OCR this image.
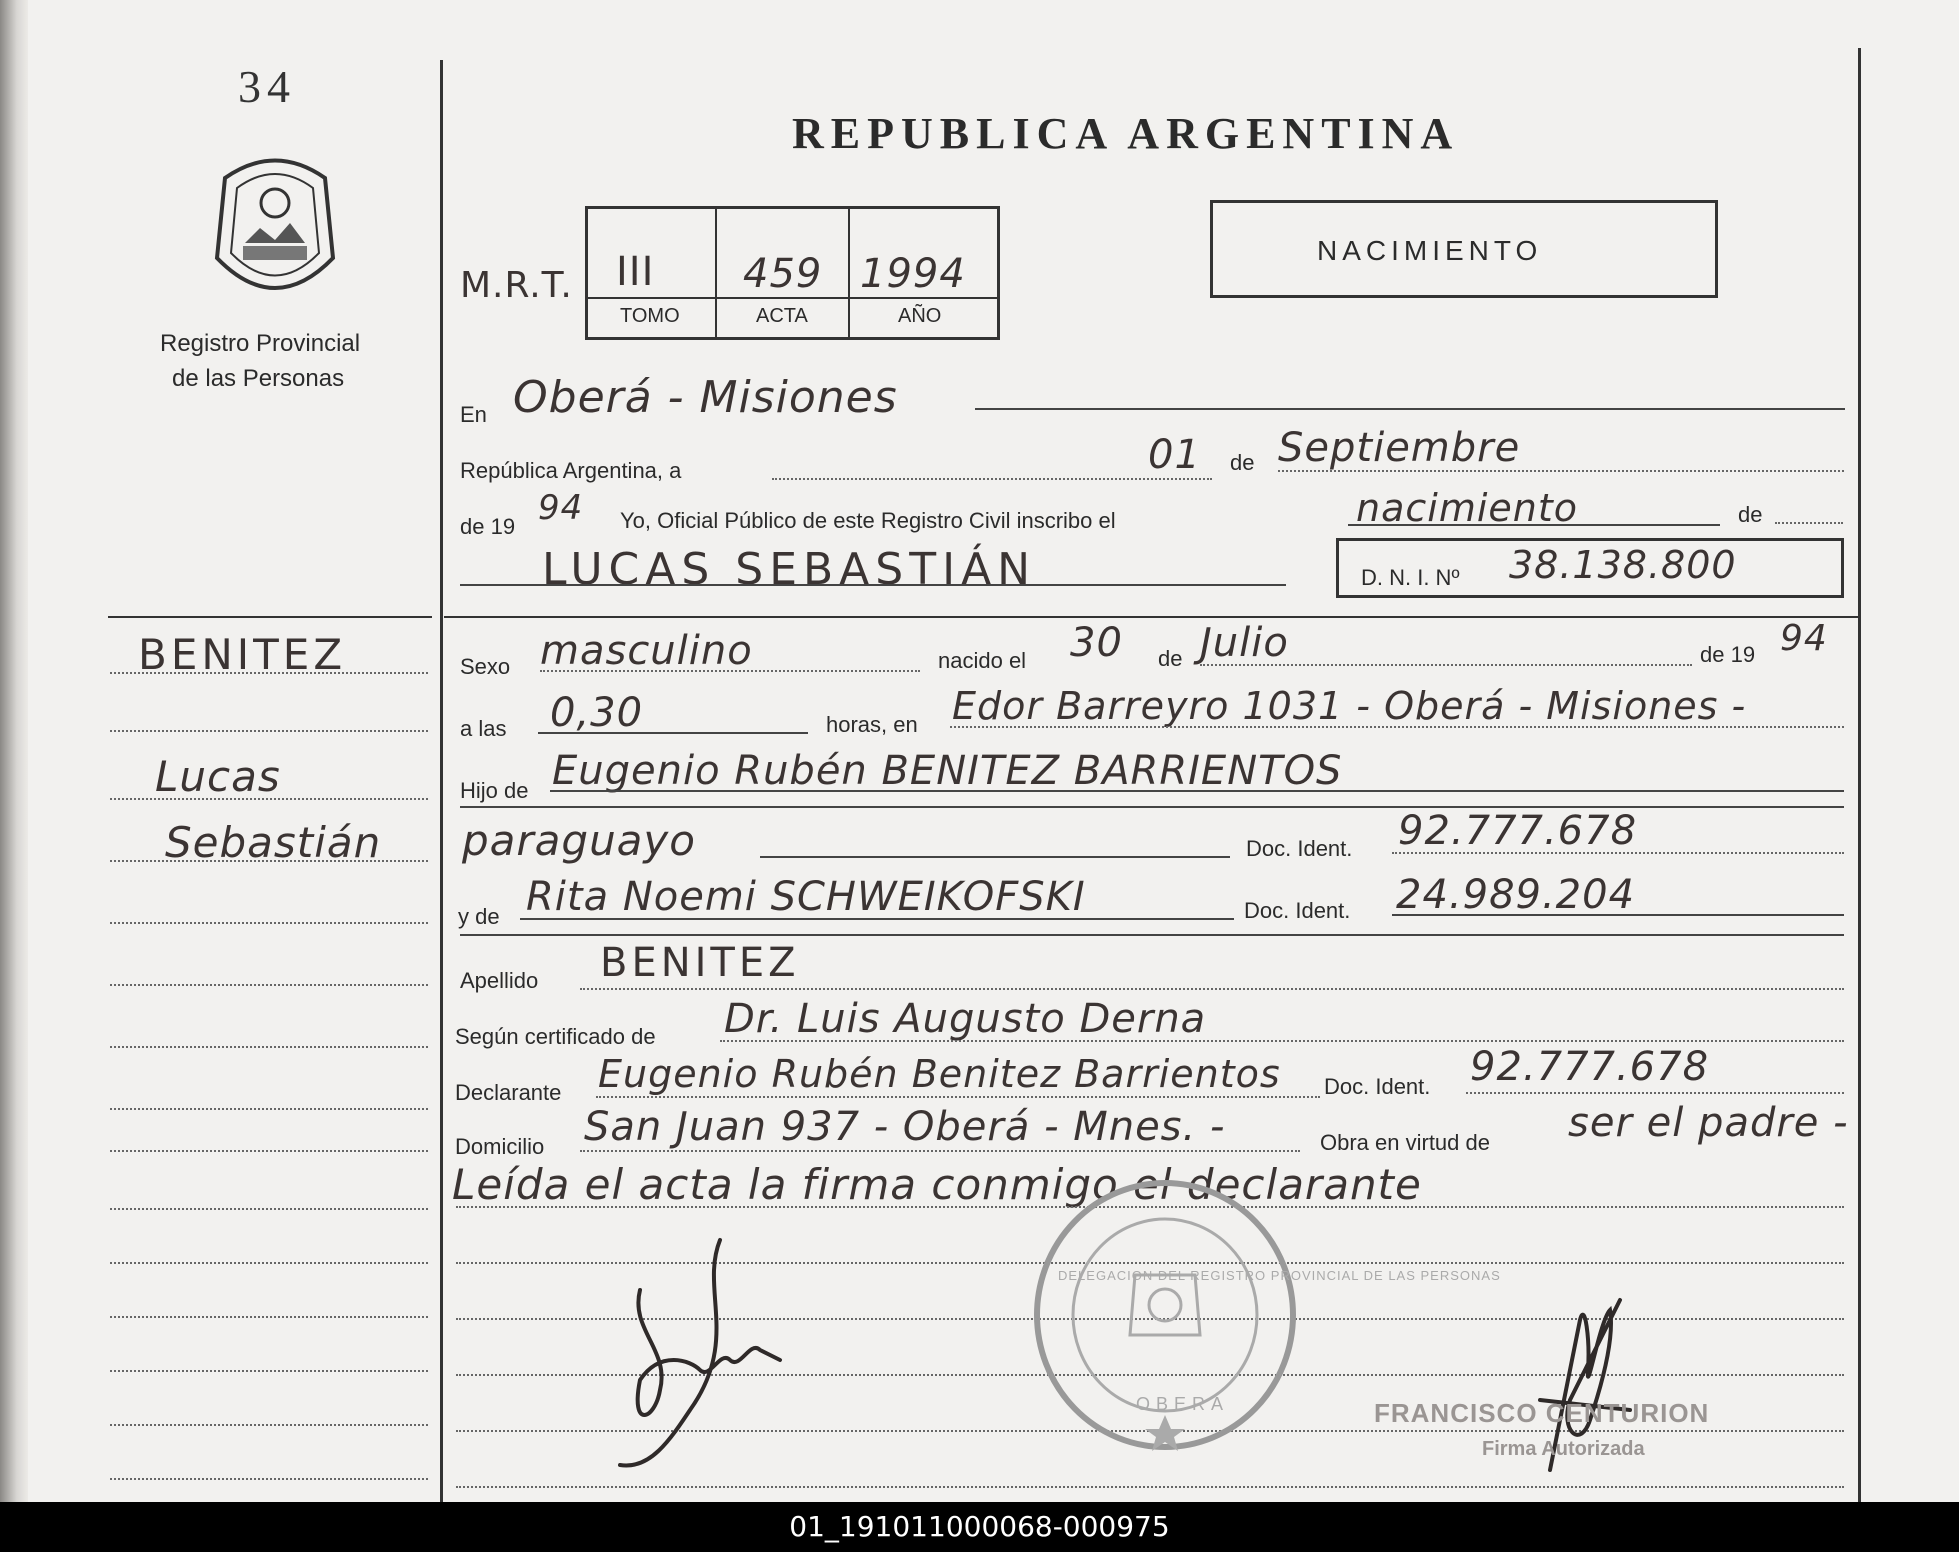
34
Registro Provincial
de las Personas
REPUBLICA ARGENTINA
M.R.T. III 459 1994
TOMO	ACTA	AÑO
NACIMIENTO
En Oberá - Misiones
República Argentina, a	01 de Septiembre
de 19 94 Yo, Oficial Público de este Registro Civil inscribo el	nacimiento	de
LUCAS SEBASTIÁN	D. N. I. Nº 38.138.800
BENITEZ
Lucas
Sebastián
Sexo masculino	nacido el 30 de Julio	de 19 94
a las 0,30	horas, en Edor Barreyro 1031 - Oberá - Misiones -
Hijo de Eugenio Rubén BENITEZ BARRIENTOS
paraguayo	Doc. Ident. 92.777.678
y de Rita Noemi SCHWEIKOFSKI	Doc. Ident. 24.989.204
Apellido BENITEZ
Según certificado de Dr. Luis Augusto Derna
Declarante Eugenio Rubén Benitez Barrientos Doc. Ident. 92.777.678
Domicilio San Juan 937 - Oberá - Mnes. -	Obra en virtud de ser el padre -
Leída el acta la firma conmigo el declarante
DELEGACION DEL REGISTRO PROVINCIAL DE LAS PERSONAS
OBERA	FRANCISCO CENTURION
Firma Autorizada
01_191011000068-000975
